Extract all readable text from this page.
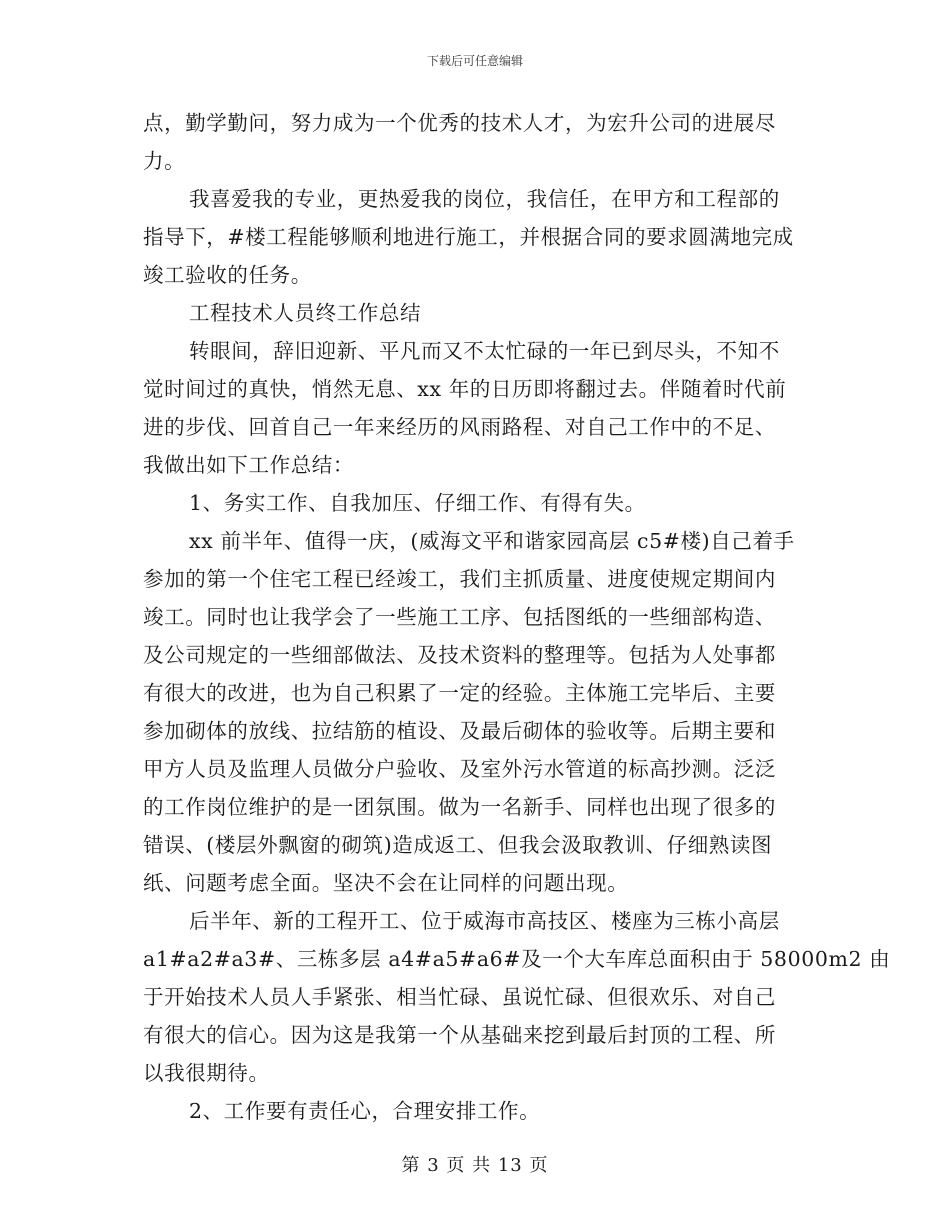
下载后可任意编辑

点，勤学勤问，努力成为一个优秀的技术人才，为宏升公司的进展尽
力。

我喜爱我的专业，更热爱我的岗位，我信任，在甲方和工程部的
指导下，#楼工程能够顺利地进行施工，并根据合同的要求圆满地完成
竣工验收的任务。

工程技术人员终工作总结

转眼间，辞旧迎新、平凡而又不太忙碌的一年已到尽头，不知不
觉时间过的真快，悄然无息、xx 年的日历即将翻过去。伴随着时代前
进的步伐、回首自己一年来经历的风雨路程、对自己工作中的不足、
我做出如下工作总结：

1、务实工作、自我加压、仔细工作、有得有失。

xx 前半年、值得一庆，(威海文平和谐家园高层 c5#楼)自己着手
参加的第一个住宅工程已经竣工，我们主抓质量、进度使规定期间内
竣工。同时也让我学会了一些施工工序、包括图纸的一些细部构造、
及公司规定的一些细部做法、及技术资料的整理等。包括为人处事都
有很大的改进，也为自己积累了一定的经验。主体施工完毕后、主要
参加砌体的放线、拉结筋的植设、及最后砌体的验收等。后期主要和
甲方人员及监理人员做分户验收、及室外污水管道的标高抄测。泛泛
的工作岗位维护的是一团氛围。做为一名新手、同样也出现了很多的
错误、(楼层外飘窗的砌筑)造成返工、但我会汲取教训、仔细熟读图
纸、问题考虑全面。坚决不会在让同样的问题出现。

后半年、新的工程开工、位于威海市高技区、楼座为三栋小高层
a1#a2#a3#、三栋多层 a4#a5#a6#及一个大车库总面积由于 58000m2 由
于开始技术人员人手紧张、相当忙碌、虽说忙碌、但很欢乐、对自己
有很大的信心。因为这是我第一个从基础来挖到最后封顶的工程、所
以我很期待。

2、工作要有责任心，合理安排工作。

第 3 页 共 13 页
